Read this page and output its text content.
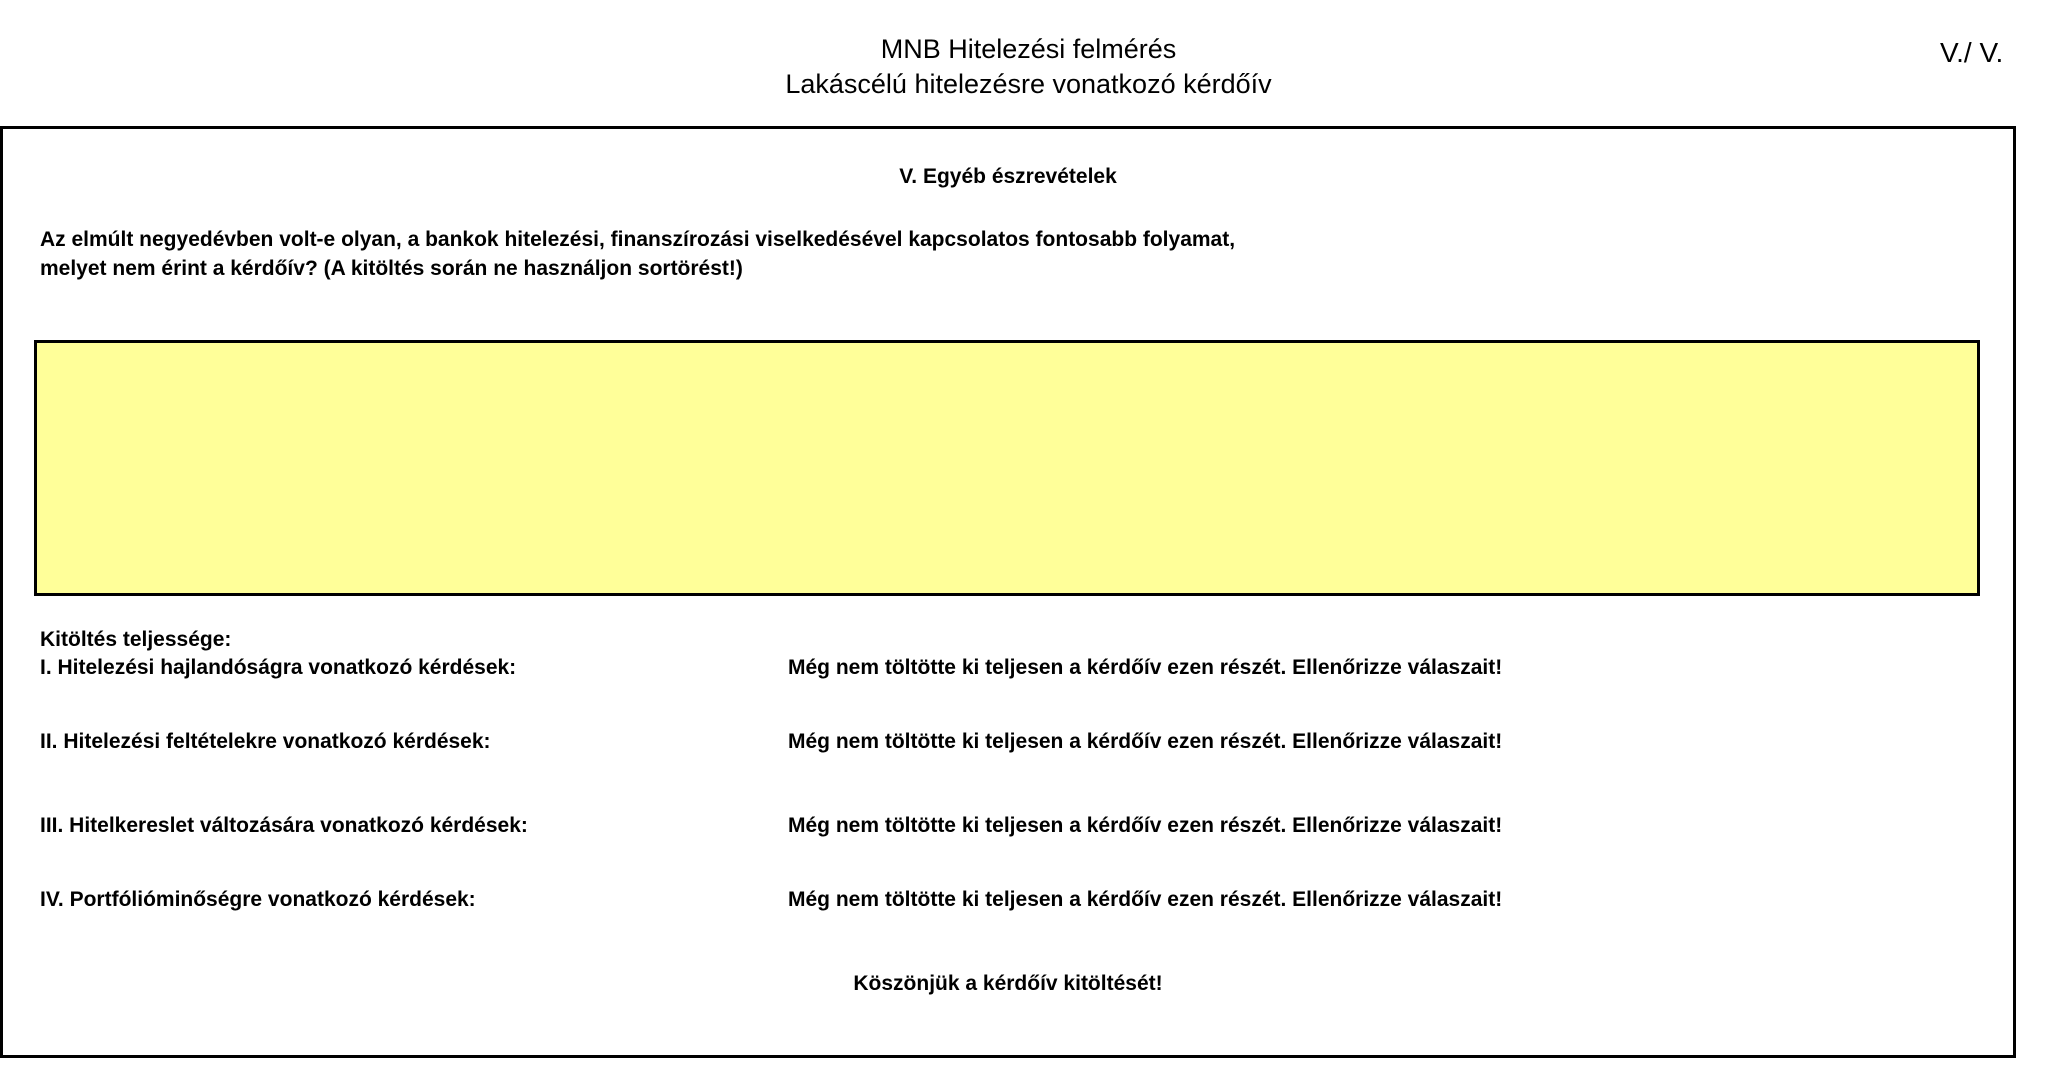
MNB Hitelezési felmérés
Lakáscélú hitelezésre vonatkozó kérdőív
V./ V.
V. Egyéb észrevételek
Az elmúlt negyedévben volt-e olyan, a bankok hitelezési, finanszírozási viselkedésével kapcsolatos fontosabb folyamat,
melyet nem érint a kérdőív? (A kitöltés során ne használjon sortörést!)
Kitöltés teljessége:
I. Hitelezési hajlandóságra vonatkozó kérdések:	Még nem töltötte ki teljesen a kérdőív ezen részét. Ellenőrizze válaszait!
II. Hitelezési feltételekre vonatkozó kérdések:	Még nem töltötte ki teljesen a kérdőív ezen részét. Ellenőrizze válaszait!
III. Hitelkereslet változására vonatkozó kérdések:	Még nem töltötte ki teljesen a kérdőív ezen részét. Ellenőrizze válaszait!
IV. Portfólióminőségre vonatkozó kérdések:	Még nem töltötte ki teljesen a kérdőív ezen részét. Ellenőrizze válaszait!
Köszönjük a kérdőív kitöltését!
